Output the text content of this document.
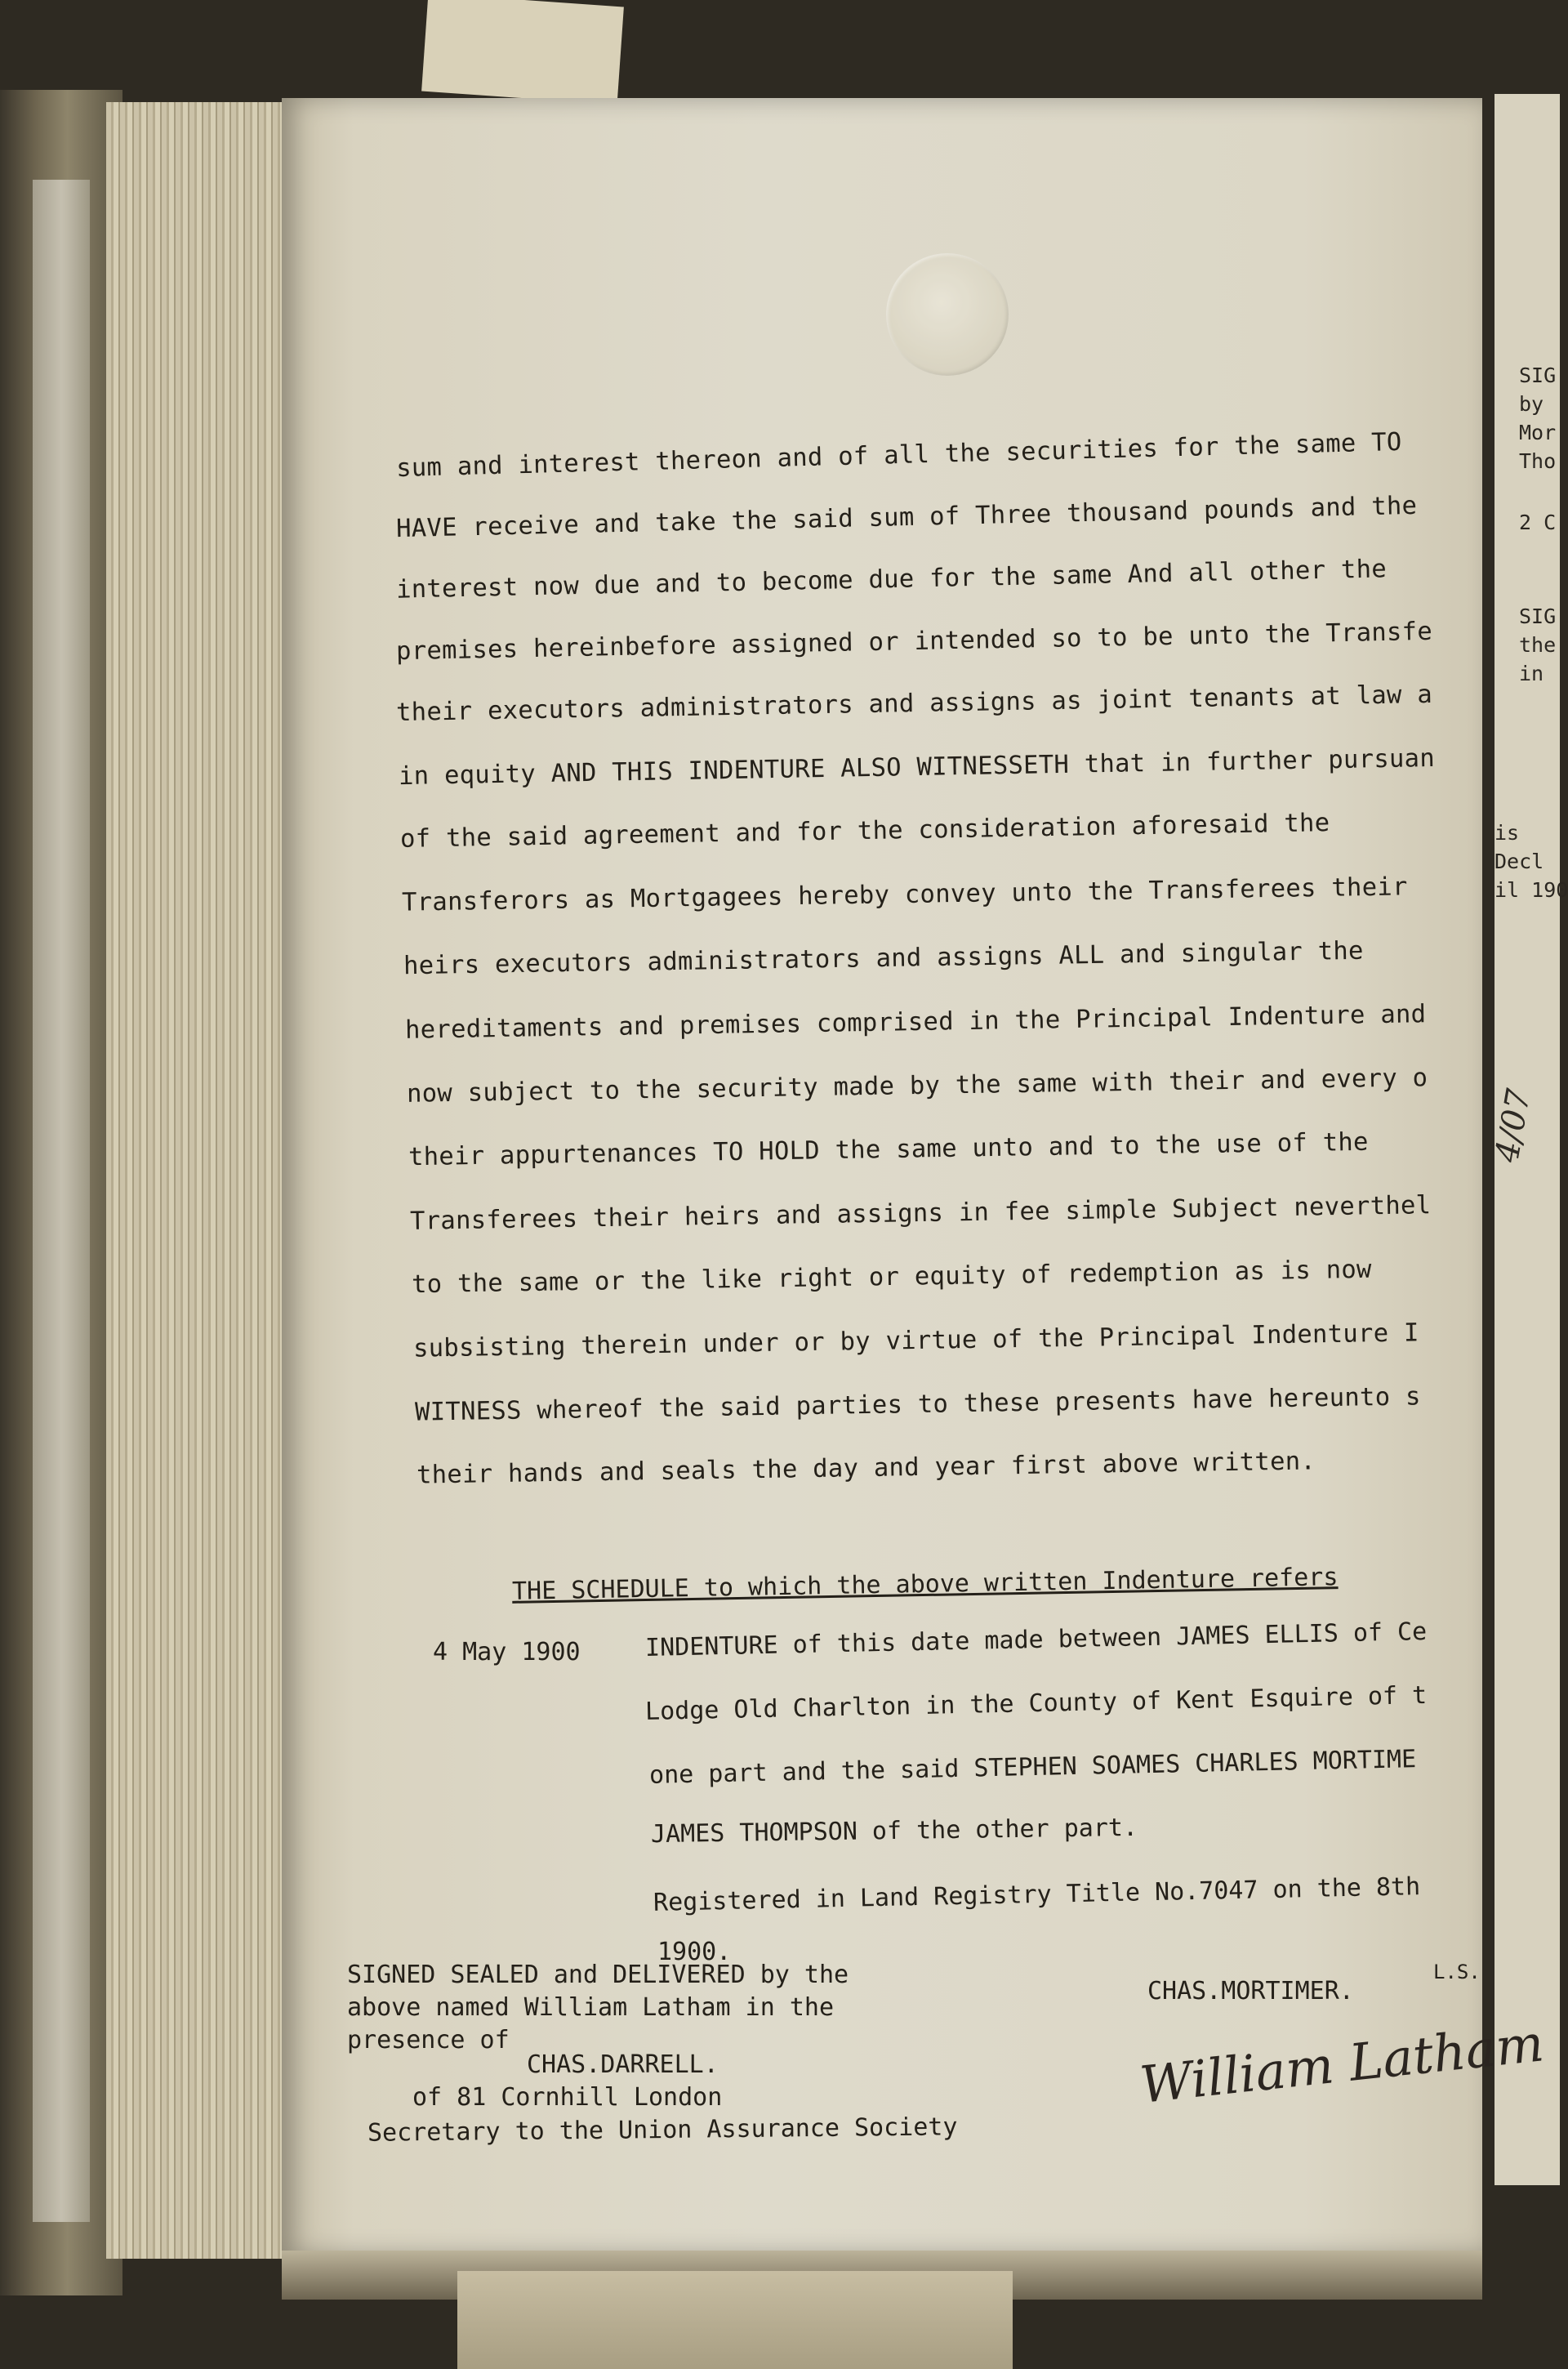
SIG
by
Mor
Tho
2 C
SIG
the
in
is
Decl
il 190
4/07
sum and interest thereon and of all the securities for the same TO
HAVE receive and take the said sum of Three thousand pounds and the
interest now due and to become due for the same And all other the
premises hereinbefore assigned or intended so to be unto the Transfe
their executors administrators and assigns as joint tenants at law a
in equity AND THIS INDENTURE ALSO WITNESSETH that in further pursuan
of the said agreement and for the consideration aforesaid the
Transferors as Mortgagees hereby convey unto the Transferees their
heirs executors administrators and assigns ALL and singular the
hereditaments and premises comprised in the Principal Indenture and
now subject to the security made by the same with their and every o
their appurtenances TO HOLD the same unto and to the use of the
Transferees their heirs and assigns in fee simple Subject neverthel
to the same or the like right or equity of redemption as is now
subsisting therein under or by virtue of the Principal Indenture I
WITNESS whereof the said parties to these presents have hereunto s
their hands and seals the day and year first above written.
THE SCHEDULE to which the above written Indenture refers
4 May 1900	INDENTURE of this date made between JAMES ELLIS of Ce
Lodge Old Charlton in the County of Kent Esquire of t
one part and the said STEPHEN SOAMES CHARLES MORTIME
JAMES THOMPSON of the other part.
Registered in Land Registry Title No.7047 on the 8th
1900.
SIGNED SEALED and DELIVERED by the
above named William Latham in the
presence of
CHAS.DARRELL.
of 81 Cornhill London
Secretary to the Union Assurance Society
CHAS.MORTIMER.
L.S.
William Latham
